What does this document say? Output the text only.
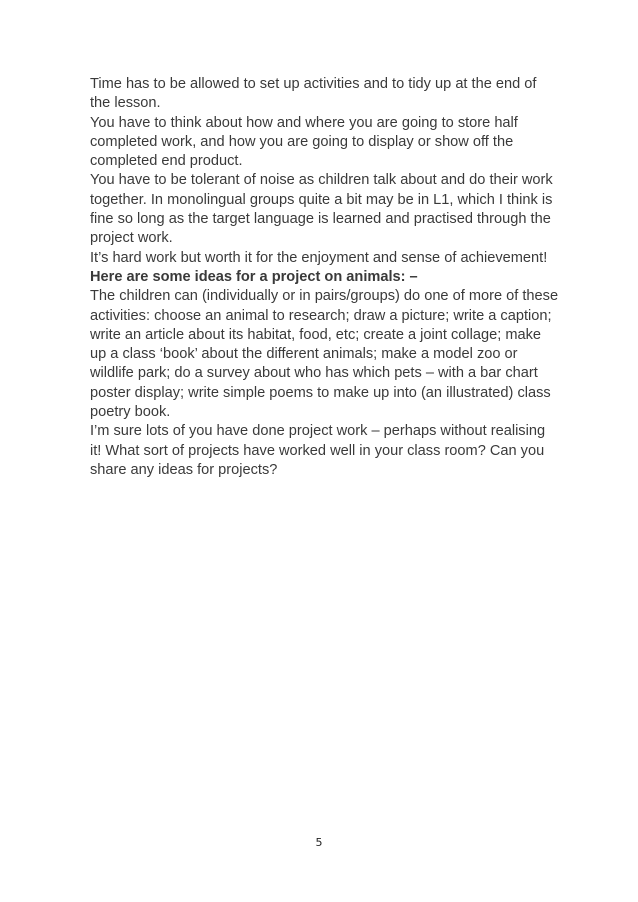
Time has to be allowed to set up activities and to tidy up at the end of the lesson.

You have to think about how and where you are going to store half completed work, and how you are going to display or show off the completed end product.

You have to be tolerant of noise as children talk about and do their work together. In monolingual groups quite a bit may be in L1, which I think is fine so long as the target language is learned and practised through the project work.

It’s hard work but worth it for the enjoyment and sense of achievement!

Here are some ideas for a project on animals: –

The children can (individually or in pairs/groups) do one of more of these activities: choose an animal to research; draw a picture; write a caption; write an article about its habitat, food, etc; create a joint collage; make up a class ‘book’ about the different animals; make a model zoo or wildlife park; do a survey about who has which pets – with a bar chart poster display; write simple poems to make up into (an illustrated) class poetry book.

I’m sure lots of you have done project work – perhaps without realising it! What sort of projects have worked well in your class room? Can you share any ideas for projects?

5
